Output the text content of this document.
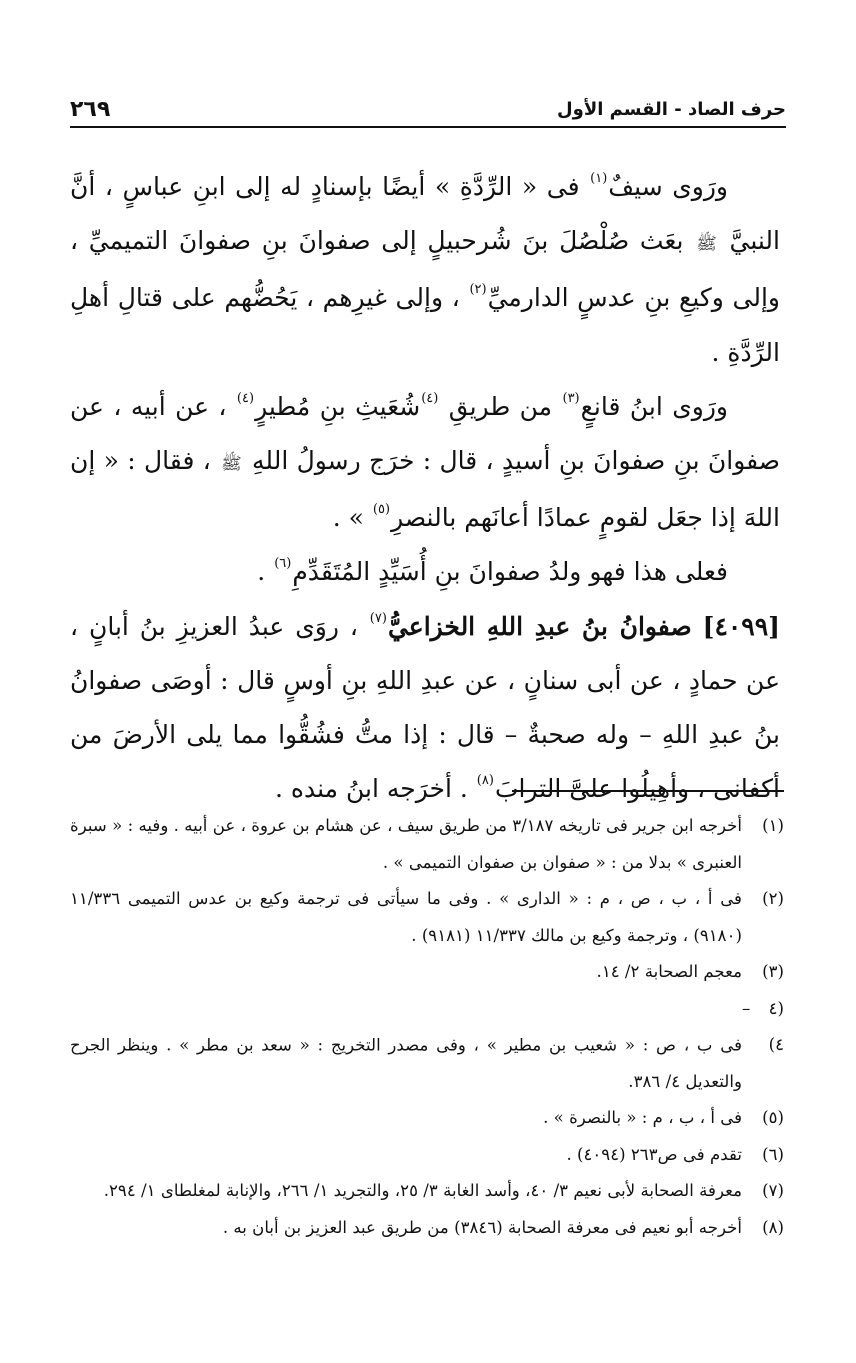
حرف الصاد - القسم الأول
٢٦٩

ورَوى سيفٌ$^{(١)}$ فى « الرِّدَّةِ » أيضًا بإسنادٍ له إلى ابنِ عباسٍ ، أنَّ النبيَّ ﷺ بعَث صُلْصُلَ بنَ شُرحبيلٍ إلى صفوانَ بنِ صفوانَ التميميِّ ، وإلى وكيعِ بنِ عدسٍ الدارميِّ$^{(٢)}$ ، وإلى غيرِهم ، يَحُضُّهم على قتالِ أهلِ الرِّدَّةِ .

ورَوى ابنُ قانعٍ$^{(٣)}$ من طريقِ $^{(٤)}$شُعَيثِ بنِ مُطيرٍ$^{(٤)}$ ، عن أبيه ، عن صفوانَ بنِ صفوانَ بنِ أسيدٍ ، قال : خرَج رسولُ اللهِ ﷺ ، فقال : « إن اللهَ إذا جعَل لقومٍ عمادًا أعانَهم بالنصرِ$^{(٥)}$ » .

فعلى هذا فهو ولدُ صفوانَ بنِ أُسَيِّدٍ المُتَقَدِّمِ$^{(٦)}$ .

[٤٠٩٩] صفوانُ بنُ عبدِ اللهِ الخزاعيُّ$^{(٧)}$ ، روَى عبدُ العزيزِ بنُ أبانٍ ، عن حمادٍ ، عن أبى سنانٍ ، عن عبدِ اللهِ بنِ أوسٍ قال : أوصَى صفوانُ بنُ عبدِ اللهِ – وله صحبةٌ – قال : إذا متُّ فشُقُّوا مما يلى الأرضَ من أكفانى ، وأهِيلُوا علىَّ الترابَ$^{(٨)}$ . أخرَجه ابنُ منده .

(١)أخرجه ابن جرير فى تاريخه ٣/١٨٧ من طريق سيف ، عن هشام بن عروة ، عن أبيه . وفيه : « سبرة العنبرى » بدلا من : « صفوان بن صفوان التميمى » .

(٢)فى أ ، ب ، ص ، م : « الدارى » . وفى ما سيأتى فى ترجمة وكيع بن عدس التميمى ١١/٣٣٦ (٩١٨٠) ، وترجمة وكيع بن مالك ١١/٣٣٧ (٩١٨١) .

(٣)معجم الصحابة ٢/ ١٤.

(٤ – ٤)فى ب ، ص : « شعيب بن مطير » ، وفى مصدر التخريج : « سعد بن مطر » . وينظر الجرح والتعديل ٤/ ٣٨٦.

(٥)فى أ ، ب ، م : « بالنصرة » .

(٦)تقدم فى ص٢٦٣ (٤٠٩٤) .

(٧)معرفة الصحابة لأبى نعيم ٣/ ٤٠، وأسد الغابة ٣/ ٢٥، والتجريد ١/ ٢٦٦، والإنابة لمغلطاى ١/ ٢٩٤.

(٨)أخرجه أبو نعيم فى معرفة الصحابة (٣٨٤٦) من طريق عبد العزيز بن أبان به .
